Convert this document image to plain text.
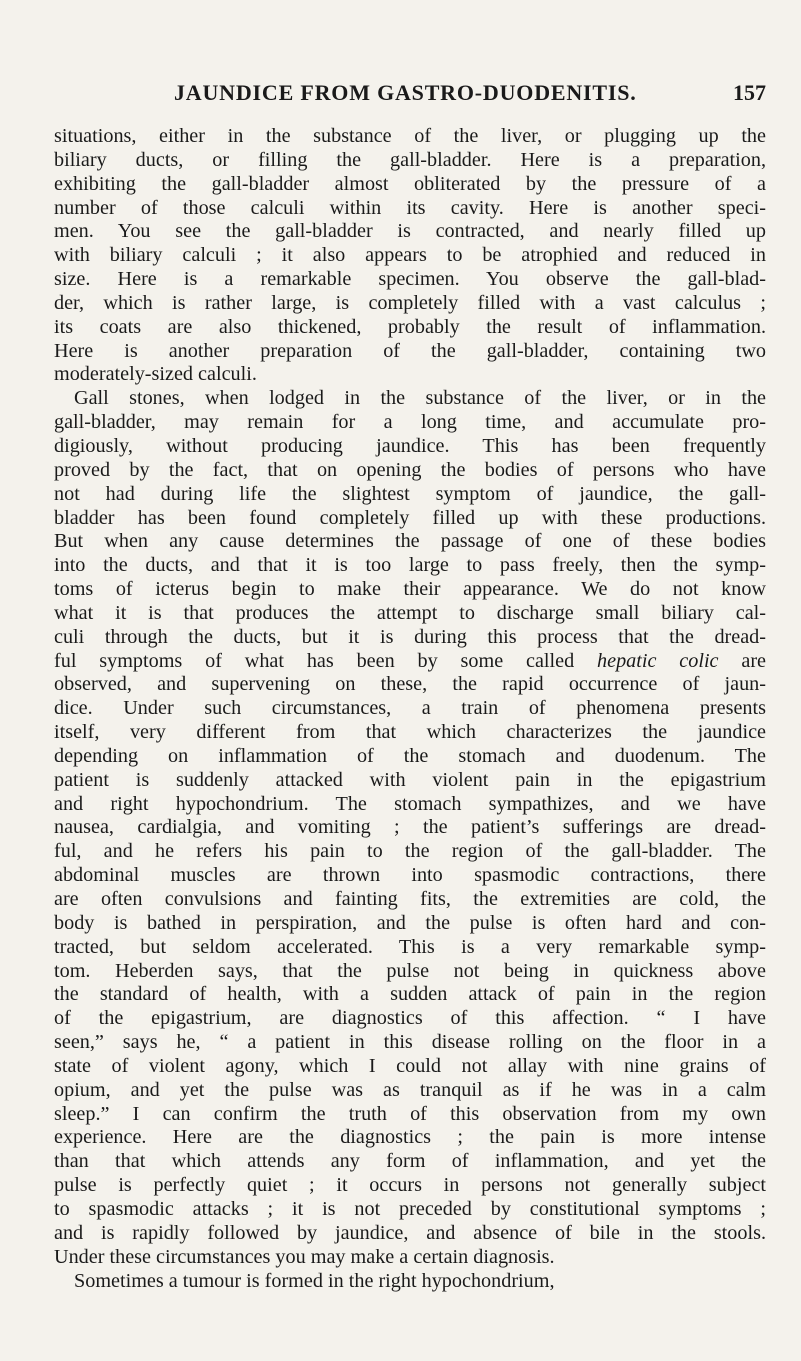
JAUNDICE FROM GASTRO-DUODENITIS.	157
situations, either in the substance of the liver, or plugging up the
biliary ducts, or filling the gall-bladder. Here is a preparation,
exhibiting the gall-bladder almost obliterated by the pressure of a
number of those calculi within its cavity. Here is another speci-
men. You see the gall-bladder is contracted, and nearly filled up
with biliary calculi ; it also appears to be atrophied and reduced in
size. Here is a remarkable specimen. You observe the gall-blad-
der, which is rather large, is completely filled with a vast calculus ;
its coats are also thickened, probably the result of inflammation.
Here is another preparation of the gall-bladder, containing two
moderately-sized calculi.
Gall stones, when lodged in the substance of the liver, or in the
gall-bladder, may remain for a long time, and accumulate pro-
digiously, without producing jaundice. This has been frequently
proved by the fact, that on opening the bodies of persons who have
not had during life the slightest symptom of jaundice, the gall-
bladder has been found completely filled up with these productions.
But when any cause determines the passage of one of these bodies
into the ducts, and that it is too large to pass freely, then the symp-
toms of icterus begin to make their appearance. We do not know
what it is that produces the attempt to discharge small biliary cal-
culi through the ducts, but it is during this process that the dread-
ful symptoms of what has been by some called hepatic colic are
observed, and supervening on these, the rapid occurrence of jaun-
dice. Under such circumstances, a train of phenomena presents
itself, very different from that which characterizes the jaundice
depending on inflammation of the stomach and duodenum. The
patient is suddenly attacked with violent pain in the epigastrium
and right hypochondrium. The stomach sympathizes, and we have
nausea, cardialgia, and vomiting ; the patient’s sufferings are dread-
ful, and he refers his pain to the region of the gall-bladder. The
abdominal muscles are thrown into spasmodic contractions, there
are often convulsions and fainting fits, the extremities are cold, the
body is bathed in perspiration, and the pulse is often hard and con-
tracted, but seldom accelerated. This is a very remarkable symp-
tom. Heberden says, that the pulse not being in quickness above
the standard of health, with a sudden attack of pain in the region
of the epigastrium, are diagnostics of this affection. “ I have
seen,” says he, “ a patient in this disease rolling on the floor in a
state of violent agony, which I could not allay with nine grains of
opium, and yet the pulse was as tranquil as if he was in a calm
sleep.” I can confirm the truth of this observation from my own
experience. Here are the diagnostics ; the pain is more intense
than that which attends any form of inflammation, and yet the
pulse is perfectly quiet ; it occurs in persons not generally subject
to spasmodic attacks ; it is not preceded by constitutional symptoms ;
and is rapidly followed by jaundice, and absence of bile in the stools.
Under these circumstances you may make a certain diagnosis.
Sometimes a tumour is formed in the right hypochondrium,
